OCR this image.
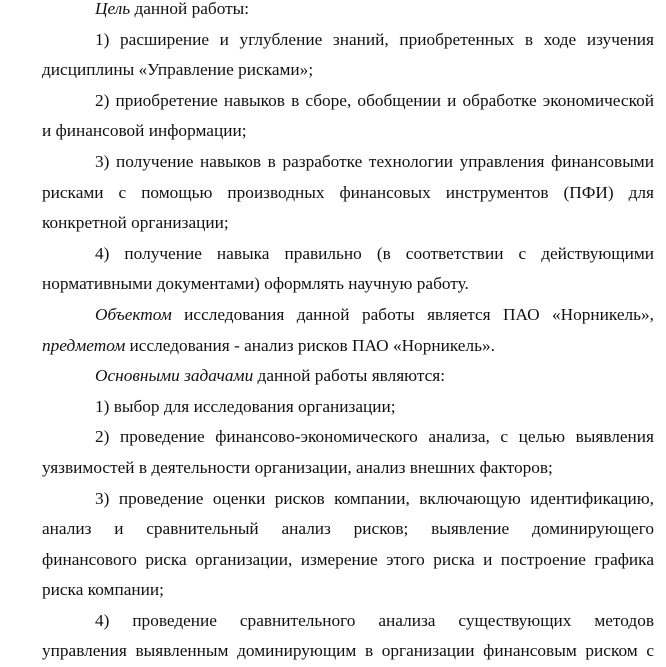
Цель данной работы:
1) расширение и углубление знаний, приобретенных в ходе изучения
дисциплины «Управление рисками»;
2) приобретение навыков в сборе, обобщении и обработке экономической
и финансовой информации;
3) получение навыков в разработке технологии управления финансовыми
рисками с помощью производных финансовых инструментов (ПФИ) для
конкретной организации;
4) получение навыка правильно (в соответствии с действующими
нормативными документами) оформлять научную работу.
Объектом исследования данной работы является ПАО «Норникель»,
предметом исследования - анализ рисков ПАО «Норникель».
Основными задачами данной работы являются:
1) выбор для исследования организации;
2) проведение финансово-экономического анализа, с целью выявления
уязвимостей в деятельности организации, анализ внешних факторов;
3) проведение оценки рисков компании, включающую идентификацию,
анализ и сравнительный анализ рисков; выявление доминирующего
финансового риска организации, измерение этого риска и построение графика
риска компании;
4) проведение сравнительного анализа существующих методов
управления выявленным доминирующим в организации финансовым риском с
